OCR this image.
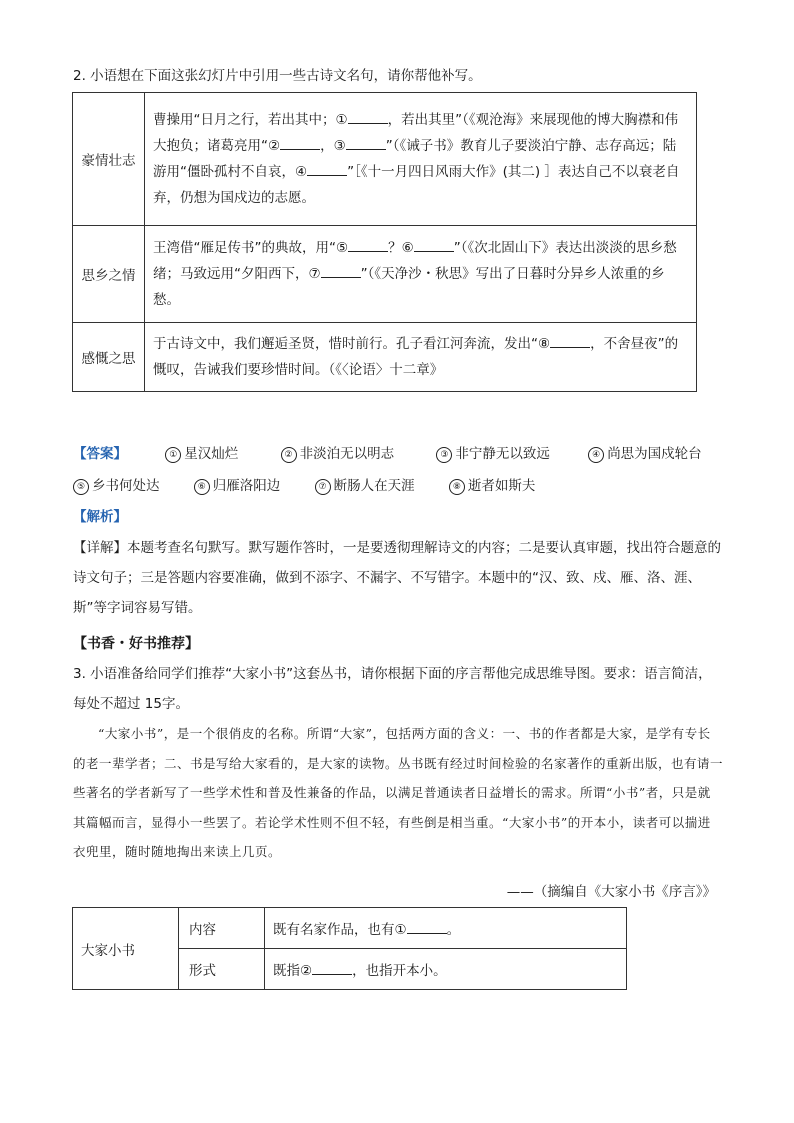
2. 小语想在下面这张幻灯片中引用一些古诗文名句，请你帮他补写。
豪情壮志	曹操用“日月之行，若出其中；① ，若出其里”（《观沧海》来展现他的博大胸襟和伟大抱负；诸葛亮用“② ，③ ”（《诫子书》教育儿子要淡泊宁静、志存高远；陆游用“僵卧孤村不自哀，④ ”［《十一月四日风雨大作》(其二) ］表达自己不以衰老自弃，仍想为国戍边的志愿。
思乡之情	王湾借“雁足传书”的典故，用“⑤ ？⑥ ”（《次北固山下》表达出淡淡的思乡愁绪；马致远用“夕阳西下，⑦ ”（《天净沙・秋思》写出了日暮时分异乡人浓重的乡愁。
感慨之思	于古诗文中，我们邂逅圣贤，惜时前行。孔子看江河奔流，发出“⑧ ，不舍昼夜”的慨叹，告诫我们要珍惜时间。（《〈论语〉十二章》
【答案】	① 星汉灿烂	② 非淡泊无以明志	③ 非宁静无以致远	④ 尚思为国戍轮台
⑤ 乡书何处达	⑥ 归雁洛阳边	⑦ 断肠人在天涯	⑧ 逝者如斯夫
【解析】
【详解】本题考查名句默写。默写题作答时，一是要透彻理解诗文的内容；二是要认真审题，找出符合题意的诗文句子；三是答题内容要准确，做到不添字、不漏字、不写错字。本题中的“汉、致、戍、雁、洛、涯、斯”等字词容易写错。
【书香・好书推荐】
3. 小语准备给同学们推荐“大家小书”这套丛书，请你根据下面的序言帮他完成思维导图。要求：语言简洁，每处不超过 15字。
“大家小书”，是一个很俏皮的名称。所谓“大家”，包括两方面的含义：一、书的作者都是大家，是学有专长的老一辈学者；二、书是写给大家看的，是大家的读物。丛书既有经过时间检验的名家著作的重新出版，也有请一些著名的学者新写了一些学术性和普及性兼备的作品，以满足普通读者日益增长的需求。所谓“小书”者，只是就其篇幅而言，显得小一些罢了。若论学术性则不但不轻，有些倒是相当重。“大家小书”的开本小，读者可以揣进衣兜里，随时随地掏出来读上几页。
——（摘编自《大家小书《序言》》
大家小书	内容	既有名家作品，也有① 。
	形式	既指② ，也指开本小。
